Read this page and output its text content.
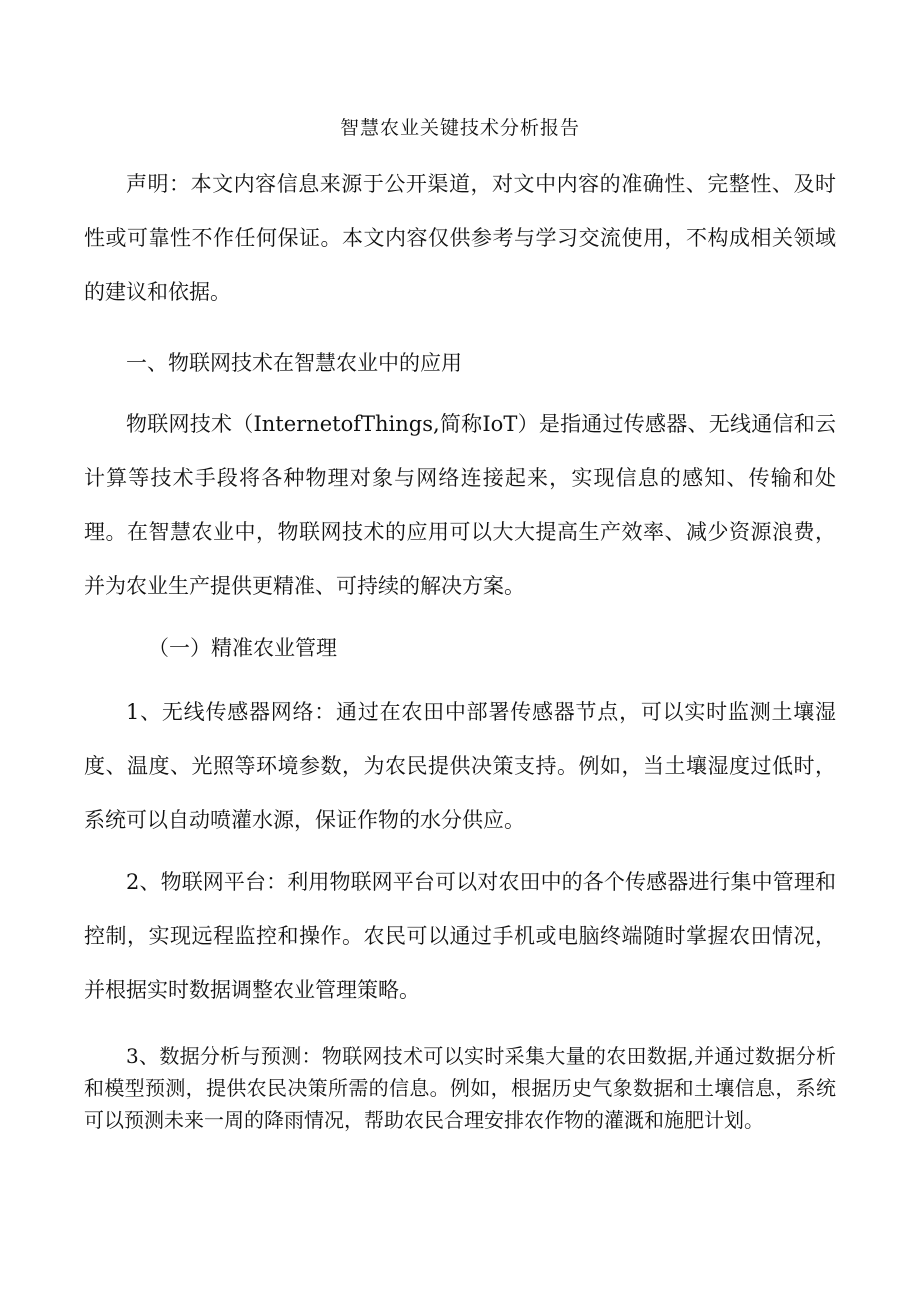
智慧农业关键技术分析报告

声明：本文内容信息来源于公开渠道，对文中内容的准确性、完整性、及时性或可靠性不作任何保证。本文内容仅供参考与学习交流使用，不构成相关领域的建议和依据。

一、物联网技术在智慧农业中的应用

物联网技术（InternetofThings,简称IoT）是指通过传感器、无线通信和云计算等技术手段将各种物理对象与网络连接起来，实现信息的感知、传输和处理。在智慧农业中，物联网技术的应用可以大大提高生产效率、减少资源浪费，并为农业生产提供更精准、可持续的解决方案。

（一）精准农业管理

1、无线传感器网络：通过在农田中部署传感器节点，可以实时监测土壤湿度、温度、光照等环境参数，为农民提供决策支持。例如，当土壤湿度过低时，系统可以自动喷灌水源，保证作物的水分供应。

2、物联网平台：利用物联网平台可以对农田中的各个传感器进行集中管理和控制，实现远程监控和操作。农民可以通过手机或电脑终端随时掌握农田情况，并根据实时数据调整农业管理策略。

3、数据分析与预测：物联网技术可以实时采集大量的农田数据,并通过数据分析和模型预测，提供农民决策所需的信息。例如，根据历史气象数据和土壤信息，系统可以预测未来一周的降雨情况，帮助农民合理安排农作物的灌溉和施肥计划。
